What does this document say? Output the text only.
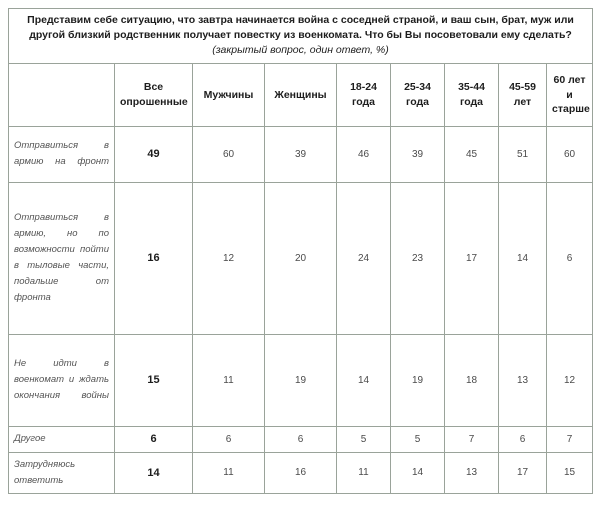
Представим себе ситуацию, что завтра начинается война с соседней страной, и ваш сын, брат, муж или другой близкий родственник получает повестку из военкомата. Что бы Вы посоветовали ему сделать? (закрытый вопрос, один ответ, %)								
	Все опрошенные	Мужчины	Женщины	18-24 года	25-34 года	35-44 года	45-59 лет	60 лет и старше
Отправиться в армию на фронт	49	60	39	46	39	45	51	60
Отправиться в армию, но по возможности пойти в тыловые части, подальше от фронта	16	12	20	24	23	17	14	6
Не идти в военкомат и ждать окончания войны	15	11	19	14	19	18	13	12
Другое	6	6	6	5	5	7	6	7
Затрудняюсь ответить	14	11	16	11	14	13	17	15
